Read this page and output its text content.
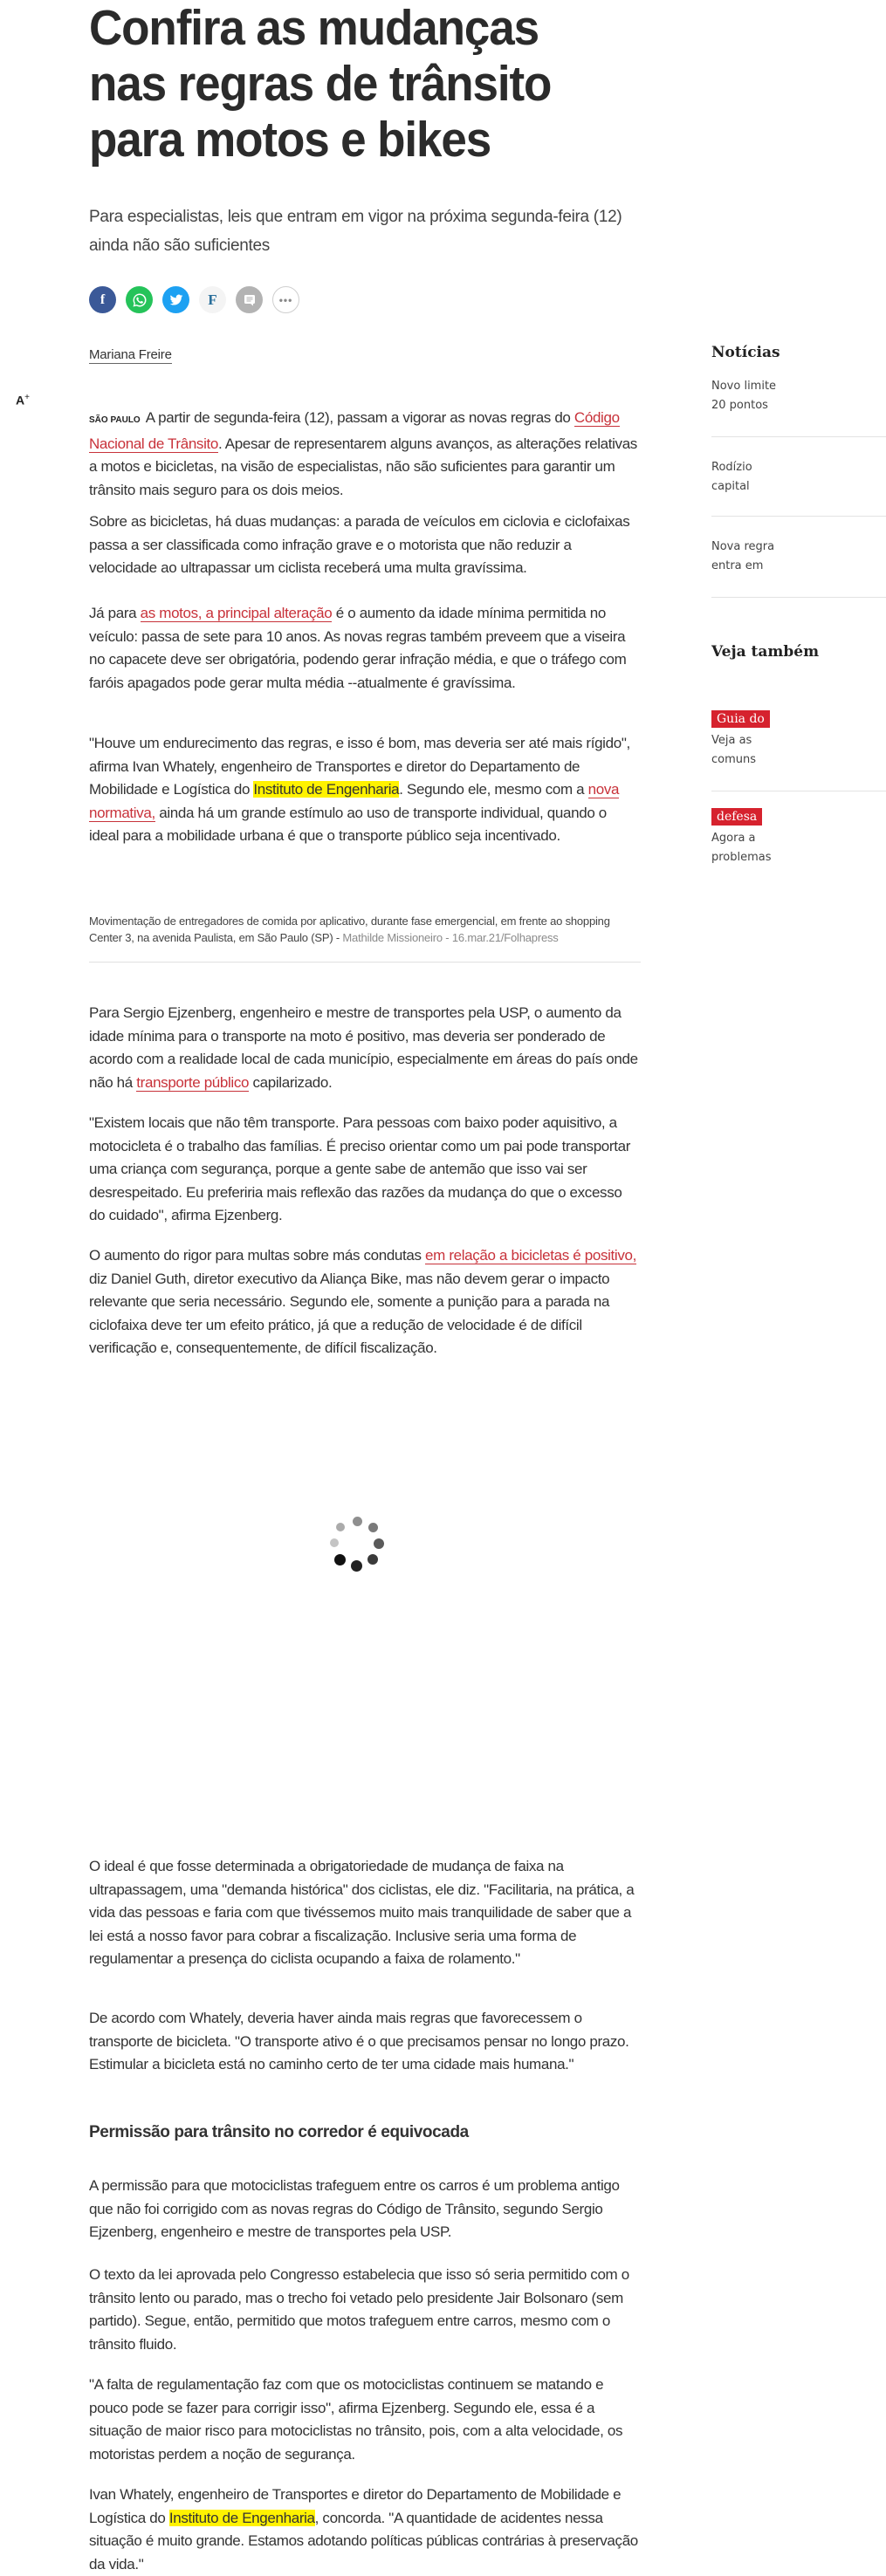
Confira as mudanças nas regras de trânsito para motos e bikes

Para especialistas, leis que entram em vigor na próxima segunda-feira (12) ainda não são suficientes

f	F	•••
Mariana Freire
A+

SÃO PAULO A partir de segunda-feira (12), passam a vigorar as novas regras do Código Nacional de Trânsito. Apesar de representarem alguns avanços, as alterações relativas a motos e bicicletas, na visão de especialistas, não são suficientes para garantir um trânsito mais seguro para os dois meios.

Sobre as bicicletas, há duas mudanças: a parada de veículos em ciclovia e ciclofaixas passa a ser classificada como infração grave e o motorista que não reduzir a velocidade ao ultrapassar um ciclista receberá uma multa gravíssima.

Já para as motos, a principal alteração é o aumento da idade mínima permitida no veículo: passa de sete para 10 anos. As novas regras também preveem que a viseira no capacete deve ser obrigatória, podendo gerar infração média, e que o tráfego com faróis apagados pode gerar multa média --atualmente é gravíssima.

"Houve um endurecimento das regras, e isso é bom, mas deveria ser até mais rígido", afirma Ivan Whately, engenheiro de Transportes e diretor do Departamento de Mobilidade e Logística do Instituto de Engenharia. Segundo ele, mesmo com a nova normativa, ainda há um grande estímulo ao uso de transporte individual, quando o ideal para a mobilidade urbana é que o transporte público seja incentivado.

Movimentação de entregadores de comida por aplicativo, durante fase emergencial, em frente ao shopping Center 3, na avenida Paulista, em São Paulo (SP) - Mathilde Missioneiro - 16.mar.21/Folhapress

Para Sergio Ejzenberg, engenheiro e mestre de transportes pela USP, o aumento da idade mínima para o transporte na moto é positivo, mas deveria ser ponderado de acordo com a realidade local de cada município, especialmente em áreas do país onde não há transporte público capilarizado.

"Existem locais que não têm transporte. Para pessoas com baixo poder aquisitivo, a motocicleta é o trabalho das famílias. É preciso orientar como um pai pode transportar uma criança com segurança, porque a gente sabe de antemão que isso vai ser desrespeitado. Eu preferiria mais reflexão das razões da mudança do que o excesso do cuidado", afirma Ejzenberg.

O aumento do rigor para multas sobre más condutas em relação a bicicletas é positivo, diz Daniel Guth, diretor executivo da Aliança Bike, mas não devem gerar o impacto relevante que seria necessário. Segundo ele, somente a punição para a parada na ciclofaixa deve ter um efeito prático, já que a redução de velocidade é de difícil verificação e, consequentemente, de difícil fiscalização.

O ideal é que fosse determinada a obrigatoriedade de mudança de faixa na ultrapassagem, uma "demanda histórica" dos ciclistas, ele diz. "Facilitaria, na prática, a vida das pessoas e faria com que tivéssemos muito mais tranquilidade de saber que a lei está a nosso favor para cobrar a fiscalização. Inclusive seria uma forma de regulamentar a presença do ciclista ocupando a faixa de rolamento."

De acordo com Whately, deveria haver ainda mais regras que favorecessem o transporte de bicicleta. "O transporte ativo é o que precisamos pensar no longo prazo. Estimular a bicicleta está no caminho certo de ter uma cidade mais humana."

Permissão para trânsito no corredor é equivocada

A permissão para que motociclistas trafeguem entre os carros é um problema antigo que não foi corrigido com as novas regras do Código de Trânsito, segundo Sergio Ejzenberg, engenheiro e mestre de transportes pela USP.

O texto da lei aprovada pelo Congresso estabelecia que isso só seria permitido com o trânsito lento ou parado, mas o trecho foi vetado pelo presidente Jair Bolsonaro (sem partido). Segue, então, permitido que motos trafeguem entre carros, mesmo com o trânsito fluido.

"A falta de regulamentação faz com que os motociclistas continuem se matando e pouco pode se fazer para corrigir isso", afirma Ejzenberg. Segundo ele, essa é a situação de maior risco para motociclistas no trânsito, pois, com a alta velocidade, os motoristas perdem a noção de segurança.

Ivan Whately, engenheiro de Transportes e diretor do Departamento de Mobilidade e Logística do Instituto de Engenharia, concorda. "A quantidade de acidentes nessa situação é muito grande. Estamos adotando políticas públicas contrárias à preservação da vida."

Notícias
Novo limite
20 pontos
Rodízio
capital
Nova regra
entra em
Veja também
Guia do
Veja as
comuns
defesa
Agora a
problemas
